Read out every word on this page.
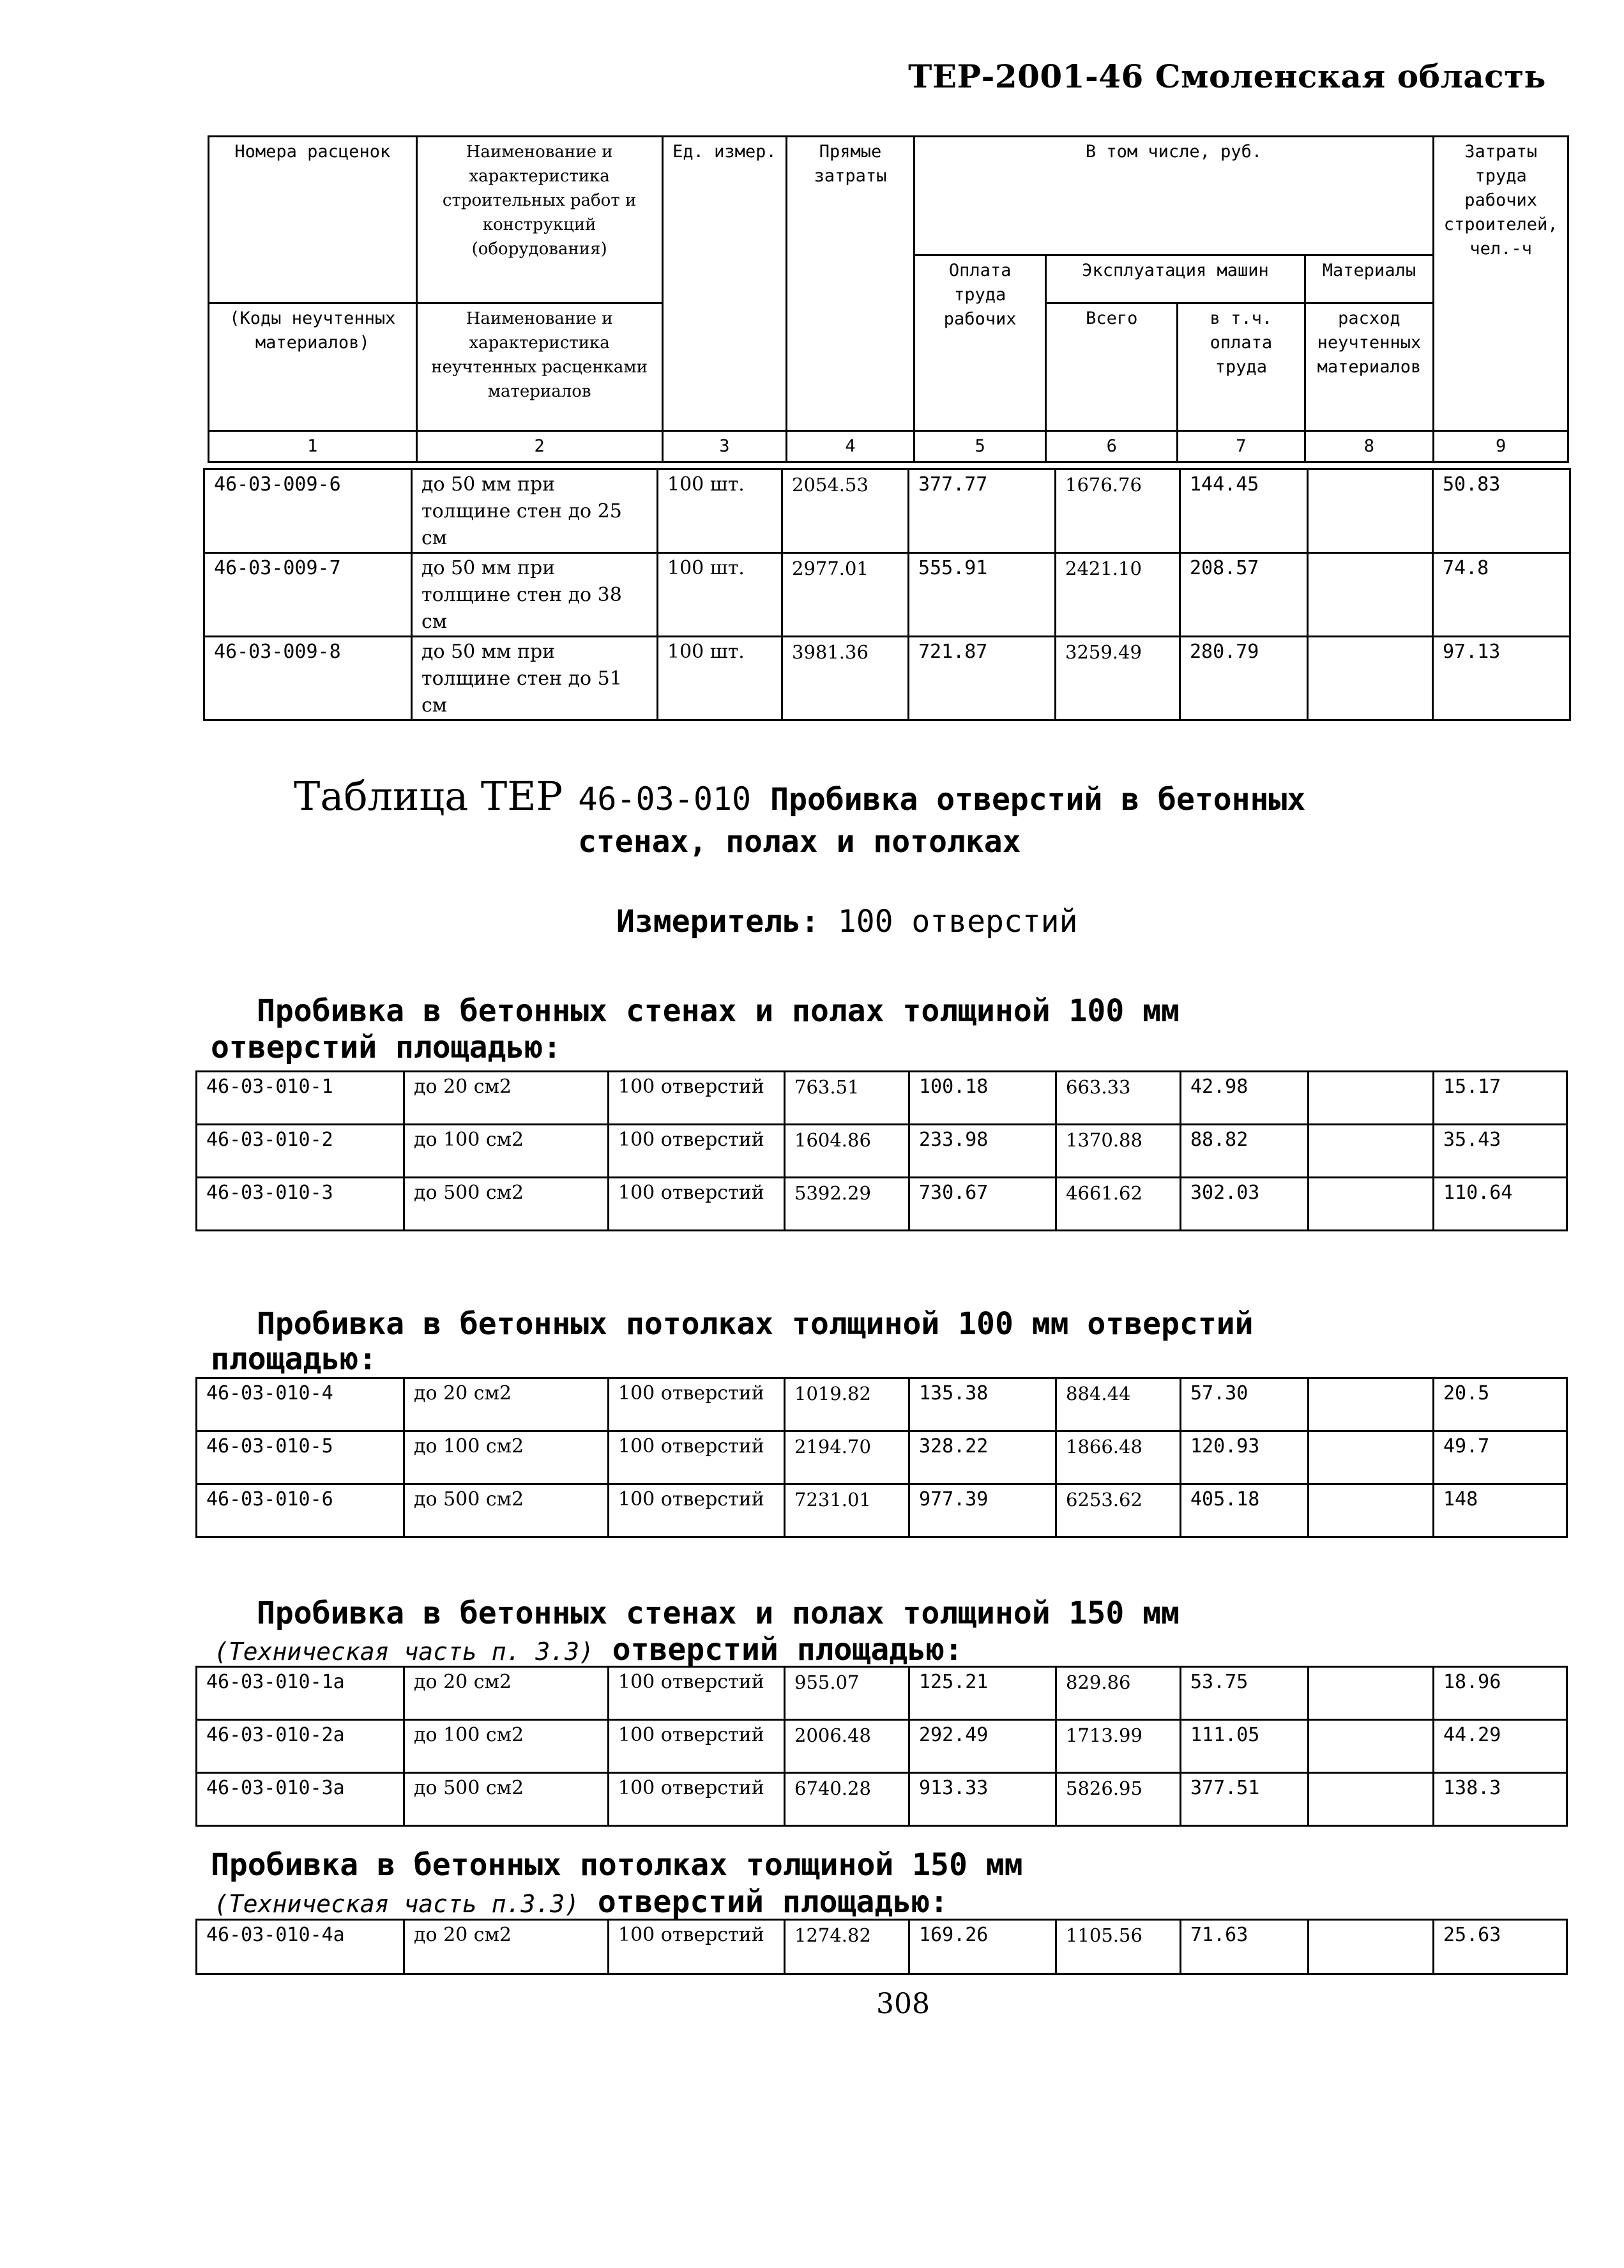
ТЕР-2001-46 Смоленская область
Номера расценок	Наименование и характеристика строительных работ и конструкций (оборудования)	Ед. измер.	Прямые затраты	В том числе, руб.				Затраты труда рабочих строителей, чел.-ч
				Оплата труда рабочих	Эксплуатация машин		Материалы	
(Коды неучтенных материалов)	Наименование и характеристика неучтенных расценками материалов				Всего	в т.ч. оплата труда	расход неучтенных материалов	
1	2	3	4	5	6	7	8	9
46-03-009-6	до 50 мм при толщине стен до 25 см	100 шт.	2054.53	377.77	1676.76	144.45		50.83
46-03-009-7	до 50 мм при толщине стен до 38 см	100 шт.	2977.01	555.91	2421.10	208.57		74.8
46-03-009-8	до 50 мм при толщине стен до 51 см	100 шт.	3981.36	721.87	3259.49	280.79		97.13
Таблица ТЕР 46-03-010 Пробивка отверстий в бетонных
стенах, полах и потолках
Измеритель: 100 отверстий
Пробивка в бетонных стенах и полах толщиной 100 мм
отверстий площадью:
46-03-010-1	до 20 см2	100 отверстий	763.51	100.18	663.33	42.98		15.17
46-03-010-2	до 100 см2	100 отверстий	1604.86	233.98	1370.88	88.82		35.43
46-03-010-3	до 500 см2	100 отверстий	5392.29	730.67	4661.62	302.03		110.64
Пробивка в бетонных потолках толщиной 100 мм отверстий
площадью:
46-03-010-4	до 20 см2	100 отверстий	1019.82	135.38	884.44	57.30		20.5
46-03-010-5	до 100 см2	100 отверстий	2194.70	328.22	1866.48	120.93		49.7
46-03-010-6	до 500 см2	100 отверстий	7231.01	977.39	6253.62	405.18		148
Пробивка в бетонных стенах и полах толщиной 150 мм
(Техническая часть п. 3.3) отверстий площадью:
46-03-010-1а	до 20 см2	100 отверстий	955.07	125.21	829.86	53.75		18.96
46-03-010-2а	до 100 см2	100 отверстий	2006.48	292.49	1713.99	111.05		44.29
46-03-010-3а	до 500 см2	100 отверстий	6740.28	913.33	5826.95	377.51		138.3
Пробивка в бетонных потолках толщиной 150 мм
(Техническая часть п.3.3) отверстий площадью:
46-03-010-4а	до 20 см2	100 отверстий	1274.82	169.26	1105.56	71.63		25.63
308
